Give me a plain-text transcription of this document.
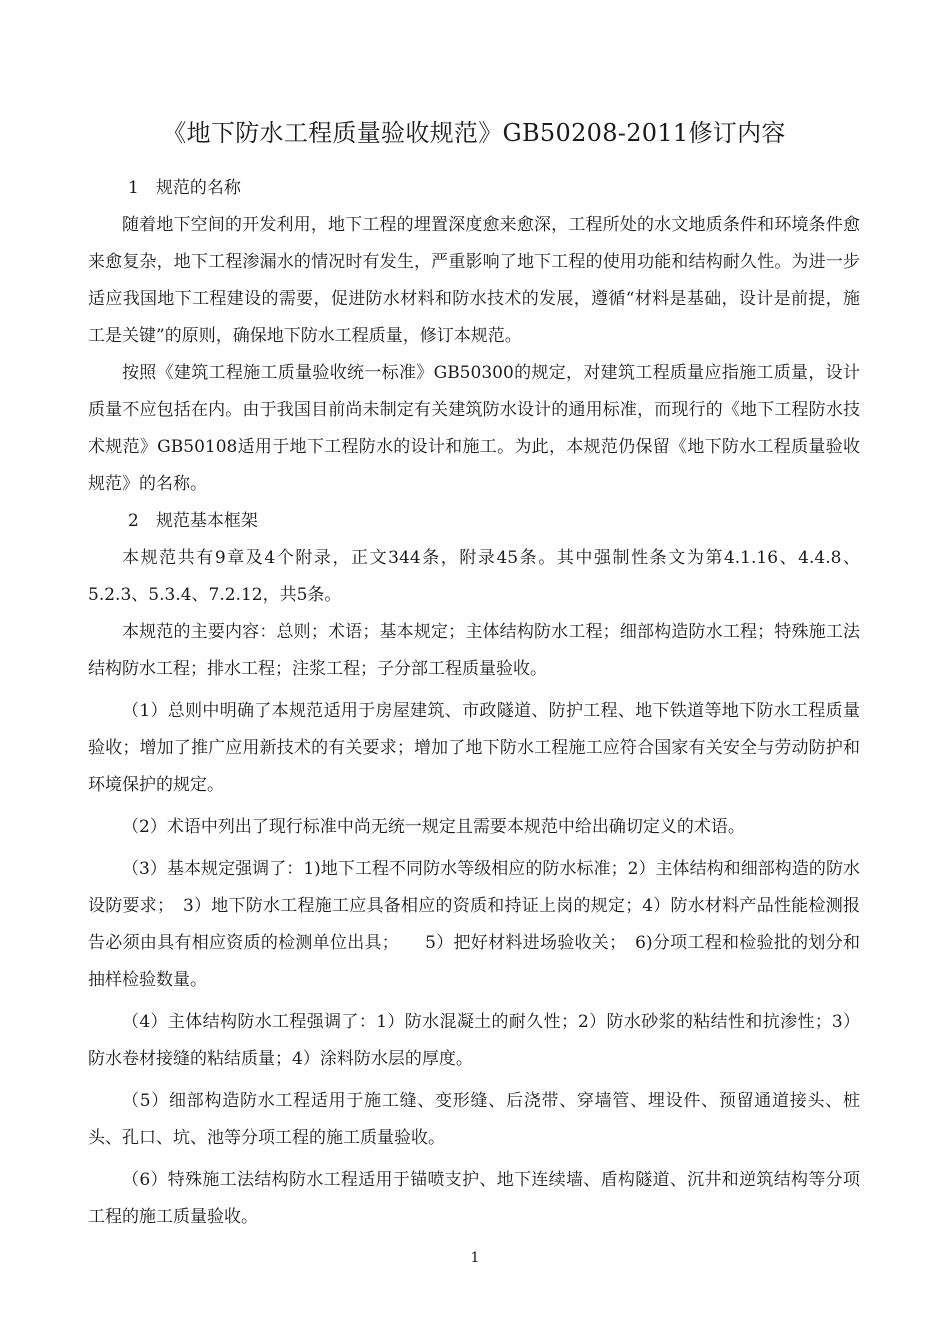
《地下防水工程质量验收规范》GB50208-2011修订内容

1　规范的名称

随着地下空间的开发利用，地下工程的埋置深度愈来愈深，工程所处的水文地质条件和环境条件愈来愈复杂，地下工程渗漏水的情况时有发生，严重影响了地下工程的使用功能和结构耐久性。为进一步适应我国地下工程建设的需要，促进防水材料和防水技术的发展，遵循“材料是基础，设计是前提，施工是关键”的原则，确保地下防水工程质量，修订本规范。

按照《建筑工程施工质量验收统一标准》GB50300的规定，对建筑工程质量应指施工质量，设计质量不应包括在内。由于我国目前尚未制定有关建筑防水设计的通用标准，而现行的《地下工程防水技术规范》GB50108适用于地下工程防水的设计和施工。为此，本规范仍保留《地下防水工程质量验收规范》的名称。

2　规范基本框架

本规范共有9章及4个附录，正文344条，附录45条。其中强制性条文为第4.1.16、4.4.8、5.2.3、5.3.4、7.2.12，共5条。

本规范的主要内容：总则；术语；基本规定；主体结构防水工程；细部构造防水工程；特殊施工法结构防水工程；排水工程；注浆工程；子分部工程质量验收。

（1）总则中明确了本规范适用于房屋建筑、市政隧道、防护工程、地下铁道等地下防水工程质量验收；增加了推广应用新技术的有关要求；增加了地下防水工程施工应符合国家有关安全与劳动防护和环境保护的规定。

（2）术语中列出了现行标准中尚无统一规定且需要本规范中给出确切定义的术语。

（3）基本规定强调了：1)地下工程不同防水等级相应的防水标准；2）主体结构和细部构造的防水设防要求；　3）地下防水工程施工应具备相应的资质和持证上岗的规定；4）防水材料产品性能检测报告必须由具有相应资质的检测单位出具；　　5）把好材料进场验收关；　6)分项工程和检验批的划分和抽样检验数量。

（4）主体结构防水工程强调了：1）防水混凝土的耐久性；2）防水砂浆的粘结性和抗渗性；3）防水卷材接缝的粘结质量；4）涂料防水层的厚度。

（5）细部构造防水工程适用于施工缝、变形缝、后浇带、穿墙管、埋设件、预留通道接头、桩头、孔口、坑、池等分项工程的施工质量验收。

（6）特殊施工法结构防水工程适用于锚喷支护、地下连续墙、盾构隧道、沉井和逆筑结构等分项工程的施工质量验收。

1
